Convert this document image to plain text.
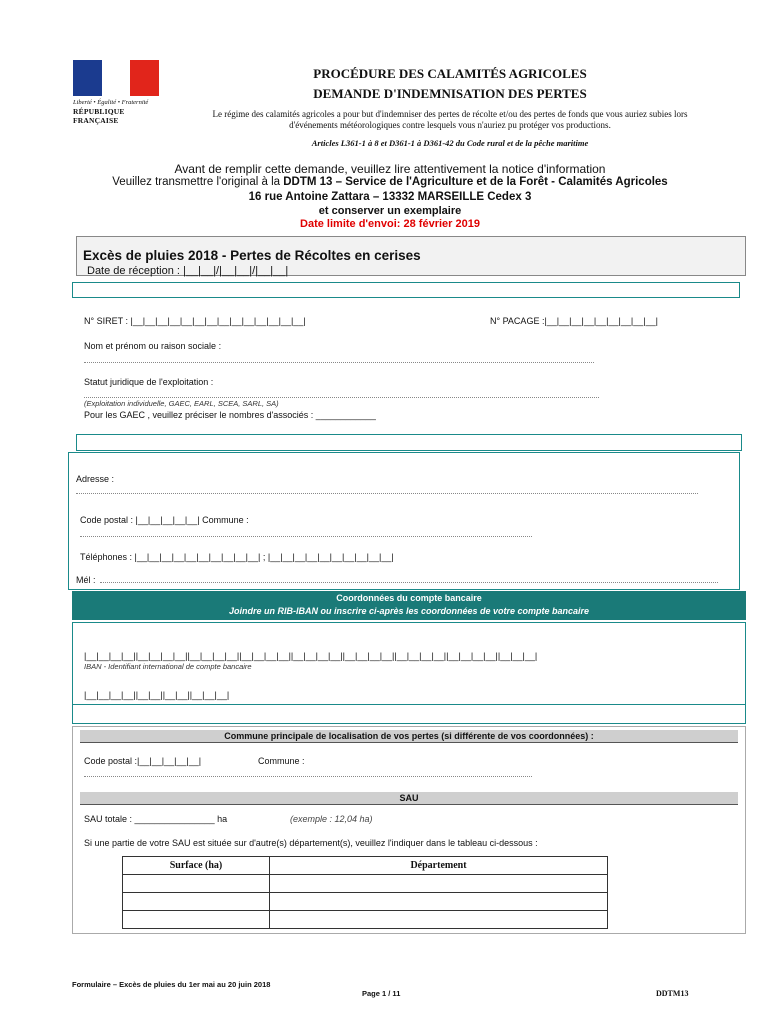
Liberté • Égalité • Fraternité
RÉPUBLIQUE FRANÇAISE
PROCÉDURE DES CALAMITÉS AGRICOLES
DEMANDE D'INDEMNISATION DES PERTES
Le régime des calamités agricoles a pour but d'indemniser des pertes de récolte et/ou des pertes de fonds que vous auriez subies lors
d'événements météorologiques contre lesquels vous n'auriez pu protéger vos productions.
Articles L361-1 à 8 et D361-1 à D361-42 du Code rural et de la pêche maritime
Avant de remplir cette demande, veuillez lire attentivement la notice d'information
Veuillez transmettre l'original à la DDTM 13 – Service de l'Agriculture et de la Forêt - Calamités Agricoles
16 rue Antoine Zattara – 13332 MARSEILLE Cedex 3
et conserver un exemplaire
Date limite d'envoi: 28 février 2019
Excès de pluies 2018 - Pertes de Récoltes en cerises
Date de réception : |__|__|/|__|__|/|__|__|
N° SIRET : |__|__|__|__|__|__|__|__|__|__|__|__|__|__|	N° PACAGE :|__|__|__|__|__|__|__|__|__|
Nom et prénom ou raison sociale :
Statut juridique de l'exploitation :
(Exploitation individuelle, GAEC, EARL, SCEA, SARL, SA)
Pour les GAEC , veuillez préciser le nombres d'associés : ____________
Adresse :
Code postal : |__|__|__|__|__| Commune :
Téléphones : |__|__|__|__|__|__|__|__|__|__| ; |__|__|__|__|__|__|__|__|__|__|
Mél :
Coordonnées du compte bancaire
Joindre un RIB-IBAN ou inscrire ci-après les coordonnées de votre compte bancaire
|__|__|__|__||__|__|__|__||__|__|__|__||__|__|__|__||__|__|__|__||__|__|__|__||__|__|__|__||__|__|__|__||__|__|__|
IBAN - Identifiant international de compte bancaire
|__|__|__|__||__|__||__|__||__|__|__|
Commune principale de localisation de vos pertes (si différente de vos coordonnées) :
Code postal :|__|__|__|__|__|	Commune :
SAU
SAU totale : ________________ ha	(exemple : 12,04 ha)
Si une partie de votre SAU est située sur d'autre(s) département(s), veuillez l'indiquer dans le tableau ci-dessous :
Surface (ha)	Département

Formulaire – Excès de pluies du 1er mai au 20 juin 2018
Page 1 / 11	DDTM13
